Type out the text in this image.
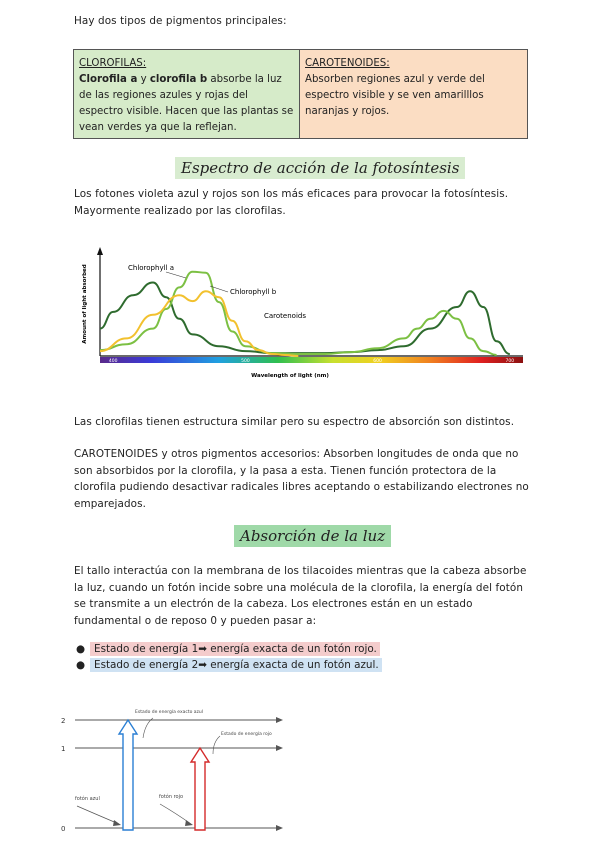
Hay dos tipos de pigmentos principales:
CLOROFILAS:
Clorofila a y clorofila b absorbe la luz de las regiones azules y rojas del espectro visible. Hacen que las plantas se vean verdes ya que la reflejan.
CAROTENOIDES:
Absorben regiones azul y verde del espectro visible y se ven amarilllos naranjas y rojos.
Espectro de acción de la fotosíntesis
Los fotones violeta azul y rojos son los más eficaces para provocar la fotosíntesis. Mayormente realizado por las clorofilas.
400	500	600	700
Amount of light absorbed
Wavelength of light (nm)
Chlorophyll a
Chlorophyll b
Carotenoids
Las clorofilas tienen estructura similar pero su espectro de absorción son distintos.
CAROTENOIDES y otros pigmentos accesorios: Absorben longitudes de onda que no son absorbidos por la clorofila, y la pasa a esta. Tienen función protectora de la clorofila pudiendo desactivar radicales libres aceptando o estabilizando electrones no emparejados.
Absorción de la luz
El tallo interactúa con la membrana de los tilacoides mientras que la cabeza absorbe la luz, cuando un fotón incide sobre una molécula de la clorofila, la energía del fotón se transmite a un electrón de la cabeza. Los electrones están en un estado fundamental o de reposo 0 y pueden pasar a:
● Estado de energía 1➡ energía exacta de un fotón rojo.
● Estado de energía 2➡ energía exacta de un fotón azul.
2
1
0
fotón azul	fotón rojo
Estado de energía exacto azul
Estado de energía rojo
